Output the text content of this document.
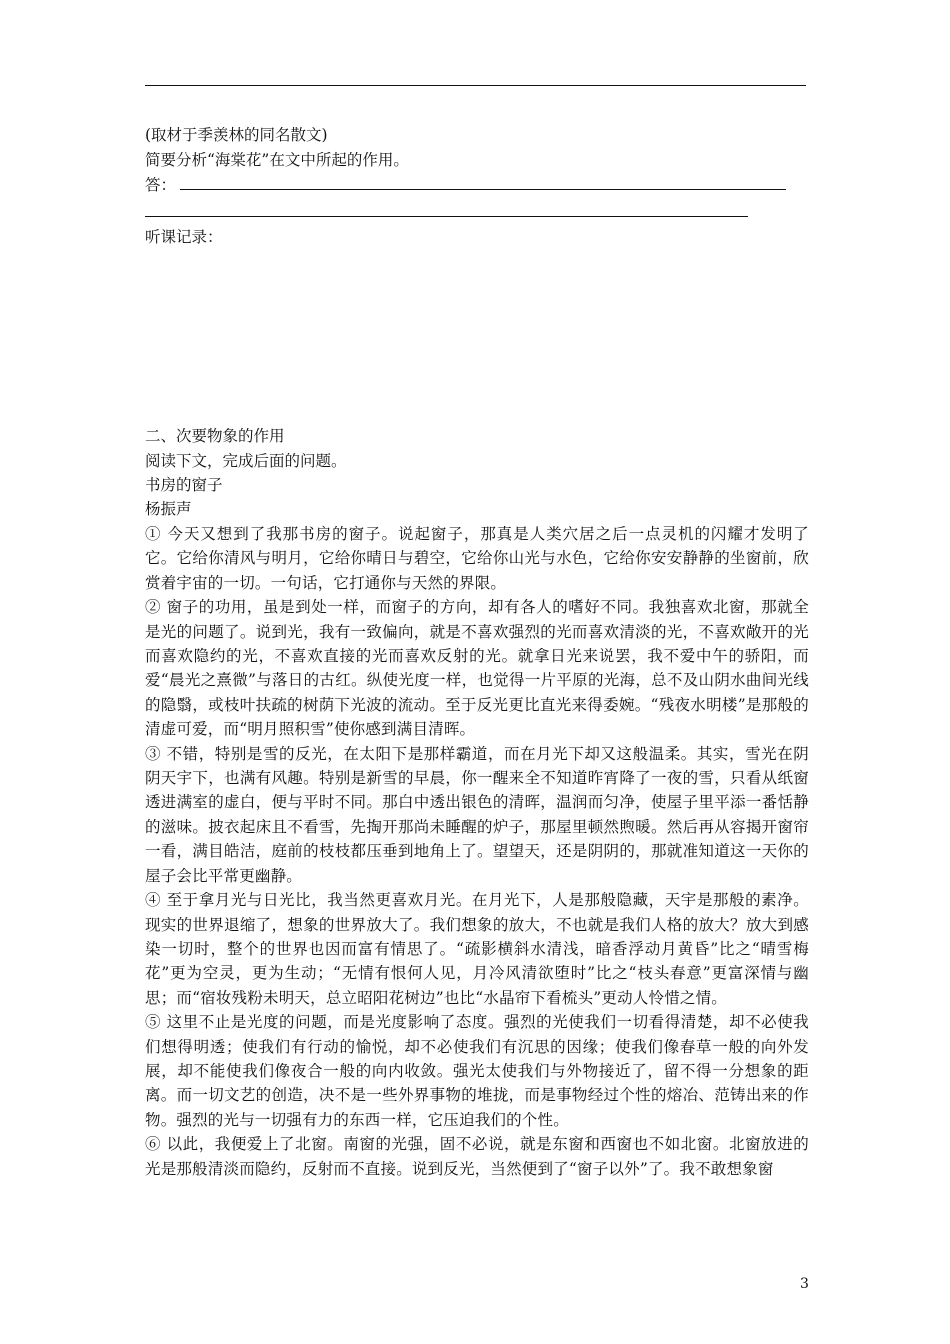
(取材于季羡林的同名散文)
简要分析“海棠花”在文中所起的作用。
答：
听课记录：
二、次要物象的作用
阅读下文，完成后面的问题。
书房的窗子
杨振声

① 今天又想到了我那书房的窗子。说起窗子，那真是人类穴居之后一点灵机的闪耀才发明了它。它给你清风与明月，它给你晴日与碧空，它给你山光与水色，它给你安安静静的坐窗前，欣赏着宇宙的一切。一句话，它打通你与天然的界限。

② 窗子的功用，虽是到处一样，而窗子的方向，却有各人的嗜好不同。我独喜欢北窗，那就全是光的问题了。说到光，我有一致偏向，就是不喜欢强烈的光而喜欢清淡的光，不喜欢敞开的光而喜欢隐约的光，不喜欢直接的光而喜欢反射的光。就拿日光来说罢，我不爱中午的骄阳，而爱“晨光之熹微”与落日的古红。纵使光度一样，也觉得一片平原的光海，总不及山阴水曲间光线的隐翳，或枝叶扶疏的树荫下光波的流动。至于反光更比直光来得委婉。“残夜水明楼”是那般的清虚可爱，而“明月照积雪”使你感到满目清晖。

③ 不错，特别是雪的反光，在太阳下是那样霸道，而在月光下却又这般温柔。其实，雪光在阴阴天宇下，也满有风趣。特别是新雪的早晨，你一醒来全不知道昨宵降了一夜的雪，只看从纸窗透进满室的虚白，便与平时不同。那白中透出银色的清晖，温润而匀净，使屋子里平添一番恬静的滋味。披衣起床且不看雪，先掏开那尚未睡醒的炉子，那屋里顿然煦暖。然后再从容揭开窗帘一看，满目皓洁，庭前的枝枝都压垂到地角上了。望望天，还是阴阴的，那就准知道这一天你的屋子会比平常更幽静。

④ 至于拿月光与日光比，我当然更喜欢月光。在月光下，人是那般隐藏，天宇是那般的素净。现实的世界退缩了，想象的世界放大了。我们想象的放大，不也就是我们人格的放大？放大到感染一切时，整个的世界也因而富有情思了。“疏影横斜水清浅，暗香浮动月黄昏”比之“晴雪梅花”更为空灵，更为生动；“无情有恨何人见，月冷风清欲堕时”比之“枝头春意”更富深情与幽思；而“宿妆残粉未明天，总立昭阳花树边”也比“水晶帘下看梳头”更动人怜惜之情。

⑤ 这里不止是光度的问题，而是光度影响了态度。强烈的光使我们一切看得清楚，却不必使我们想得明透；使我们有行动的愉悦，却不必使我们有沉思的因缘；使我们像春草一般的向外发展，却不能使我们像夜合一般的向内收敛。强光太使我们与外物接近了，留不得一分想象的距离。而一切文艺的创造，决不是一些外界事物的堆拢，而是事物经过个性的熔冶、范铸出来的作物。强烈的光与一切强有力的东西一样，它压迫我们的个性。

⑥ 以此，我便爱上了北窗。南窗的光强，固不必说，就是东窗和西窗也不如北窗。北窗放进的光是那般清淡而隐约，反射而不直接。说到反光，当然便到了“窗子以外”了。我不敢想象窗

3
